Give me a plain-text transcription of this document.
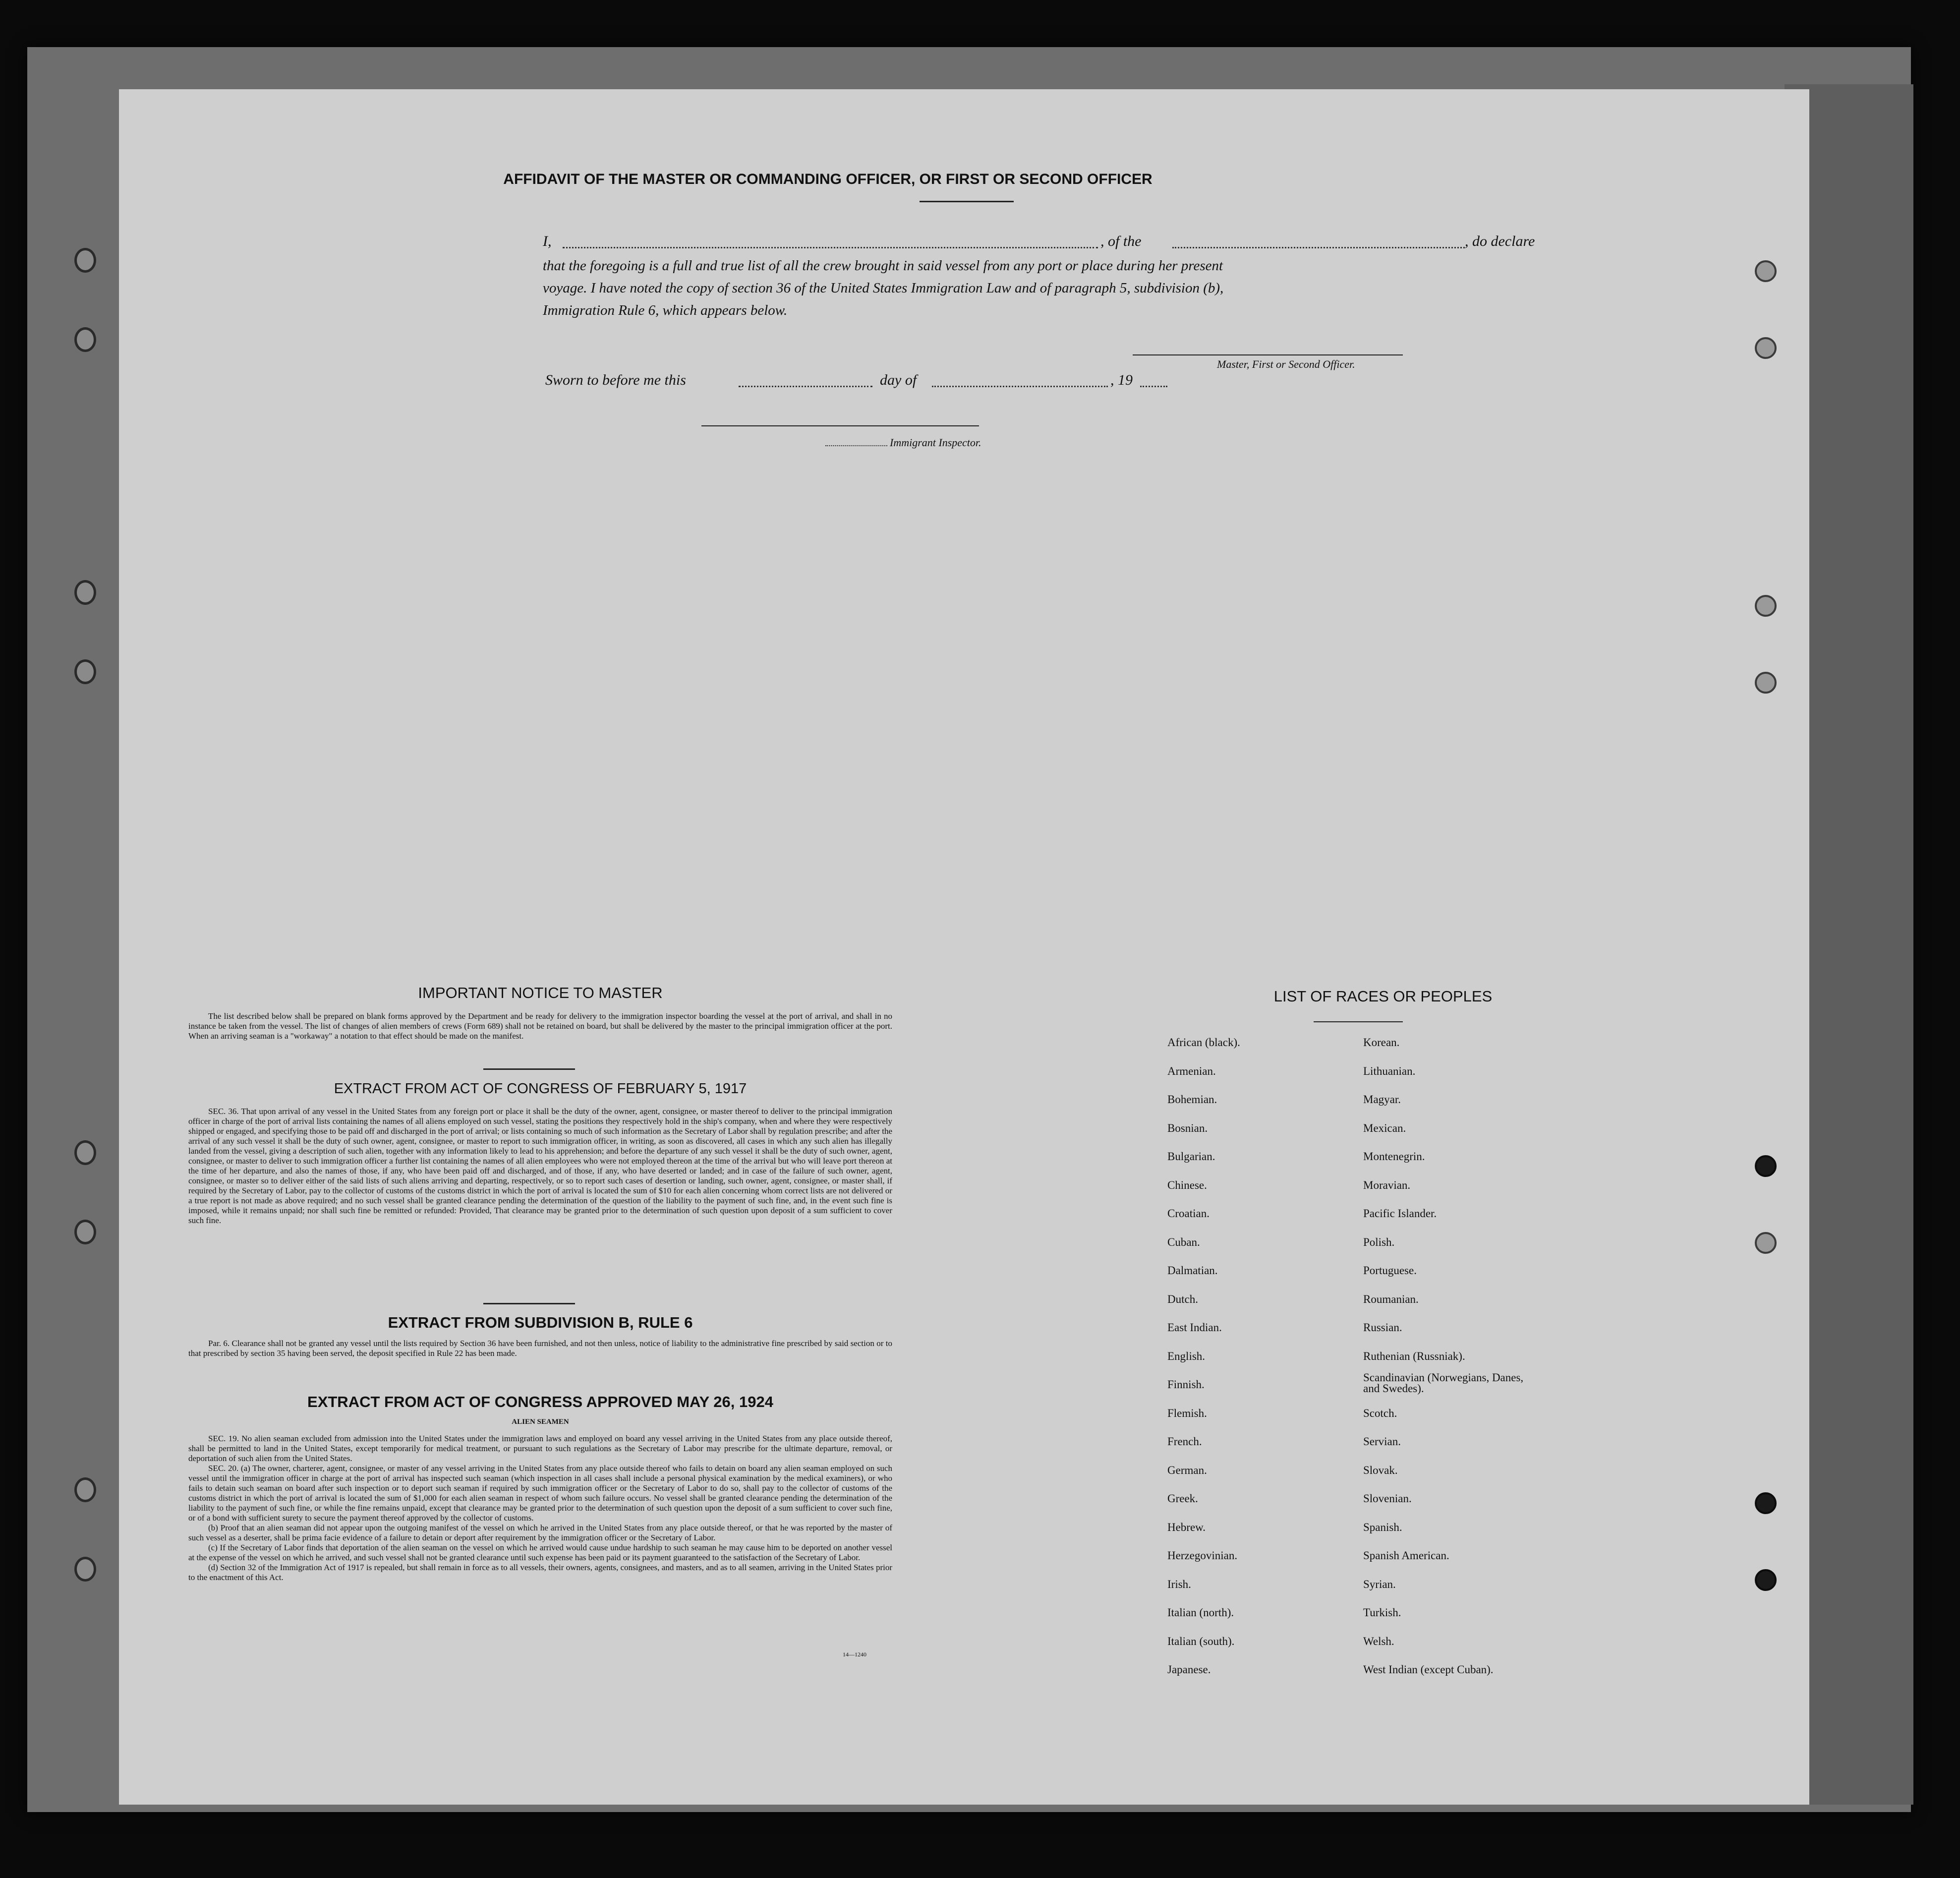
AFFIDAVIT OF THE MASTER OR COMMANDING OFFICER, OR FIRST OR SECOND OFFICER
I,	, of the	, do declare
that the foregoing is a full and true list of all the crew brought in said vessel from any port or place during her present
voyage. I have noted the copy of section 36 of the United States Immigration Law and of paragraph 5, subdivision (b),
Immigration Rule 6, which appears below.
Master, First or Second Officer.
Sworn to before me this	day of	, 19
Immigrant Inspector.
IMPORTANT NOTICE TO MASTER

The list described below shall be prepared on blank forms approved by the Department and be ready for delivery to the immigration inspector boarding the vessel at the port of arrival, and shall in no instance be taken from the vessel. The list of changes of alien members of crews (Form 689) shall not be retained on board, but shall be delivered by the master to the principal immigration officer at the port. When an arriving seaman is a "workaway" a notation to that effect should be made on the manifest.

EXTRACT FROM ACT OF CONGRESS OF FEBRUARY 5, 1917

SEC. 36. That upon arrival of any vessel in the United States from any foreign port or place it shall be the duty of the owner, agent, consignee, or master thereof to deliver to the principal immigration officer in charge of the port of arrival lists containing the names of all aliens employed on such vessel, stating the positions they respectively hold in the ship's company, when and where they were respectively shipped or engaged, and specifying those to be paid off and discharged in the port of arrival; or lists containing so much of such information as the Secretary of Labor shall by regulation prescribe; and after the arrival of any such vessel it shall be the duty of such owner, agent, consignee, or master to report to such immigration officer, in writing, as soon as discovered, all cases in which any such alien has illegally landed from the vessel, giving a description of such alien, together with any information likely to lead to his apprehension; and before the departure of any such vessel it shall be the duty of such owner, agent, consignee, or master to deliver to such immigration officer a further list containing the names of all alien employees who were not employed thereon at the time of the arrival but who will leave port thereon at the time of her departure, and also the names of those, if any, who have been paid off and discharged, and of those, if any, who have deserted or landed; and in case of the failure of such owner, agent, consignee, or master so to deliver either of the said lists of such aliens arriving and departing, respectively, or so to report such cases of desertion or landing, such owner, agent, consignee, or master shall, if required by the Secretary of Labor, pay to the collector of customs of the customs district in which the port of arrival is located the sum of $10 for each alien concerning whom correct lists are not delivered or a true report is not made as above required; and no such vessel shall be granted clearance pending the determination of the question of the liability to the payment of such fine, and, in the event such fine is imposed, while it remains unpaid; nor shall such fine be remitted or refunded: Provided, That clearance may be granted prior to the determination of such question upon deposit of a sum sufficient to cover such fine.

EXTRACT FROM SUBDIVISION B, RULE 6

Par. 6. Clearance shall not be granted any vessel until the lists required by Section 36 have been furnished, and not then unless, notice of liability to the administrative fine prescribed by said section or to that prescribed by section 35 having been served, the deposit specified in Rule 22 has been made.

EXTRACT FROM ACT OF CONGRESS APPROVED MAY 26, 1924
ALIEN SEAMEN

SEC. 19. No alien seaman excluded from admission into the United States under the immigration laws and employed on board any vessel arriving in the United States from any place outside thereof, shall be permitted to land in the United States, except temporarily for medical treatment, or pursuant to such regulations as the Secretary of Labor may prescribe for the ultimate departure, removal, or deportation of such alien from the United States.

SEC. 20. (a) The owner, charterer, agent, consignee, or master of any vessel arriving in the United States from any place outside thereof who fails to detain on board any alien seaman employed on such vessel until the immigration officer in charge at the port of arrival has inspected such seaman (which inspection in all cases shall include a personal physical examination by the medical examiners), or who fails to detain such seaman on board after such inspection or to deport such seaman if required by such immigration officer or the Secretary of Labor to do so, shall pay to the collector of customs of the customs district in which the port of arrival is located the sum of $1,000 for each alien seaman in respect of whom such failure occurs. No vessel shall be granted clearance pending the determination of the liability to the payment of such fine, or while the fine remains unpaid, except that clearance may be granted prior to the determination of such question upon the deposit of a sum sufficient to cover such fine, or of a bond with sufficient surety to secure the payment thereof approved by the collector of customs.

(b) Proof that an alien seaman did not appear upon the outgoing manifest of the vessel on which he arrived in the United States from any place outside thereof, or that he was reported by the master of such vessel as a deserter, shall be prima facie evidence of a failure to detain or deport after requirement by the immigration officer or the Secretary of Labor.

(c) If the Secretary of Labor finds that deportation of the alien seaman on the vessel on which he arrived would cause undue hardship to such seaman he may cause him to be deported on another vessel at the expense of the vessel on which he arrived, and such vessel shall not be granted clearance until such expense has been paid or its payment guaranteed to the satisfaction of the Secretary of Labor.

(d) Section 32 of the Immigration Act of 1917 is repealed, but shall remain in force as to all vessels, their owners, agents, consignees, and masters, and as to all seamen, arriving in the United States prior to the enactment of this Act.

14—1240
LIST OF RACES OR PEOPLES
African (black).
Armenian.
Bohemian.
Bosnian.
Bulgarian.
Chinese.
Croatian.
Cuban.
Dalmatian.
Dutch.
East Indian.
English.
Finnish.
Flemish.
French.
German.
Greek.
Hebrew.
Herzegovinian.
Irish.
Italian (north).
Italian (south).
Japanese.
Korean.
Lithuanian.
Magyar.
Mexican.
Montenegrin.
Moravian.
Pacific Islander.
Polish.
Portuguese.
Roumanian.
Russian.
Ruthenian (Russniak).
Scandinavian (Norwegians, Danes, and Swedes).
Scotch.
Servian.
Slovak.
Slovenian.
Spanish.
Spanish American.
Syrian.
Turkish.
Welsh.
West Indian (except Cuban).
